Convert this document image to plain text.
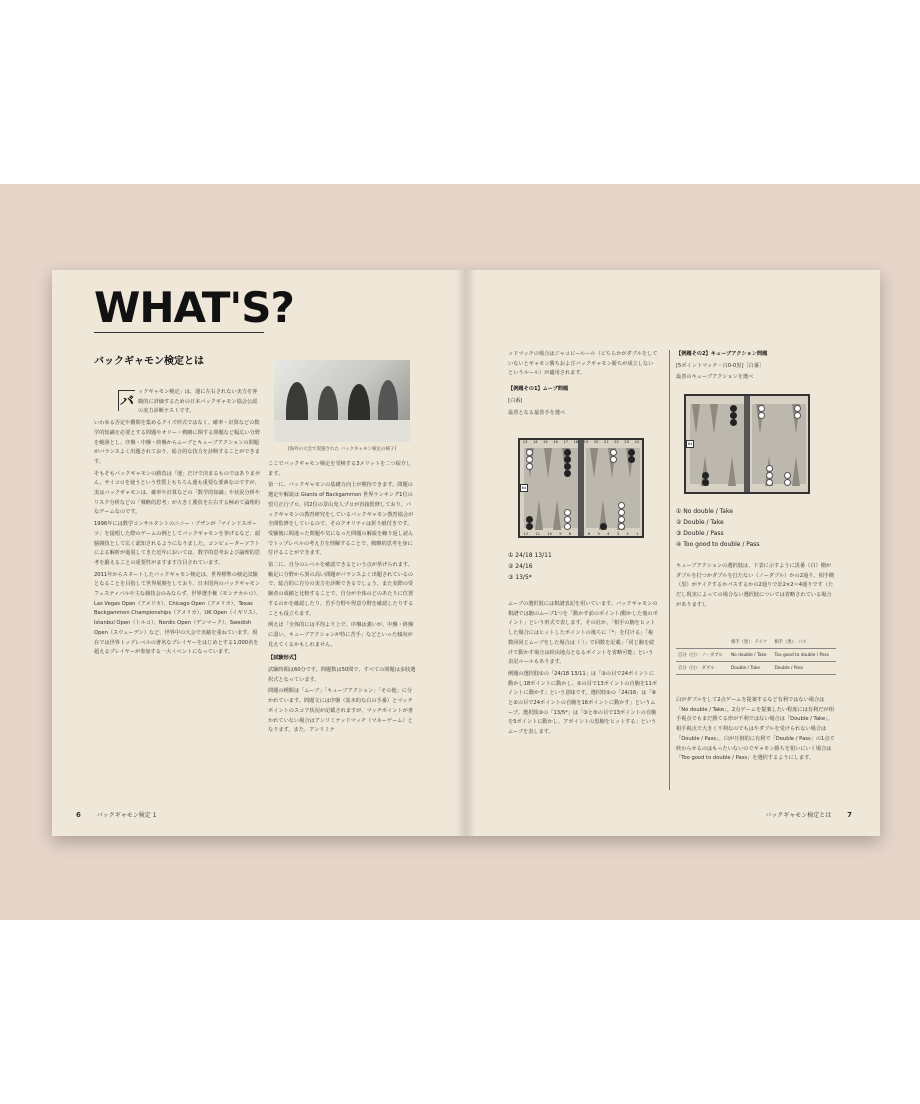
WHAT'S?
バックギャモン検定とは
バ

ックギャモン検定」は、運に左右されない実力を客観的に評価するための日本バックギャモン協会公認の実力診断テストです。

いわゆる否定や難問を集めるクイズ形式ではなく、確率・計算などの数学的知識を必要とする問題やオリー・戦略に関する問題など幅広い分野を範囲とし、序盤・中盤・終盤からムーブとキューブアクションの問題がバランスよく出題されており、総合的な技力を診断することができます。

そもそもバックギャモンの勝負は「運」だけで決まるものではありません。サイコロを使うという性質上もちろん運も重要な要素なのですが、実はバックギャモンは、確率や計算などの「数学的知識」や状況分析やリスク分析などの「戦略的思考」が大きく勝負を左右する極めて論理的なゲームなのです。

1996年には数学コンサルタントのニニー・ブザンが「マインドスポーツ」を提唱した際のゲームの例としてバックギャモンを挙げるなど、頭脳競技として広く認知されるようになりました。コンピューターソフトによる解析が進展してきた近年においては、数学的思考および論理的思考を鍛えることの重要性がますます注目されています。

2011年からスタートしたバックギャモン検定は、世界標準の検定試験となることを目指して世界展開をしており、日本国内のバックギャモンフェスティバルや主な競技会のみならず、世界選手権（モンテカルロ）、Las Vegas Open（アメリカ）、Chicago Open（アメリカ）、Texas Backgammon Championships（アメリカ）、UK Open（イギリス）、Istanbul Open（トルコ）、Nordic Open（デンマーク）、Swedish Open（スウェーデン）など、世界中の大会で実績を重ねています。現在では世界トップレベルの著名なプレイヤーをはじめとする1,000名を超えるプレイヤーが参加する一大イベントになっています。

[海外の大会で実施された バックギャモン検定の様子]

ここでバックギャモン検定を受検する3メリットを二つ紹介します。

第一に、バックギャモンの基礎力向上が期待できます。問題の選定や解説は Giants of Backgammon 世界ランキング1位の望月正行プロ、同2位の景山充人プロが直接監修しており、バックギャモンの教育研究をしているバックギャモン教育協会が全問監修をしているので、そのクオリティは折り紙付きです。受験後に間違った問題や気になった問題の解説を繰り返し読んでトップレベルの考え方を理解することで、戦略的思考を身に付けることができます。

第二に、自分のレベルを確認できるという点が挙げられます。軸足に分野から異の高い問題がバランスよく出題されているので、総合的に自分の実力を診断できるでしょう。また実際の受験者の成績と比較することで、自分が全体のどのあたりに位置するのかを確認したり、苦手分野や得意分野を確認したりすることも役立ちます。

例えば「全体的には平均より上で、序盤は強いが、中盤・終盤に弱い。キューブアクションが特に苦手」などといった傾向が見えてくるかもしれません。

【試験形式】

試験時間は60分です。問題数は50問で、すべての問題は多肢選択式となっています。

問題の種類は「ムーブ」「キューブアクション」「その他」に分かれています。問題文には序盤（基本的な白の手番）とマッチポイントのスコア状況が記載されますが、マッチポイントが書かれていない場合はアンリミテッドマッチ（マネーゲーム）となります。また、アンリミテ

6	バックギャモン検定 1

ッドマッチの場合はジャコビールール（ビちらかがダブルをしていないとギャモン勝ちおよびバックギャモン勝ちが成立しないというルール）が適用されます。

【例題その1】ムーブ問題

[白番]

最善となる最善手を選べ

13 14 15 16 17 18 19 20 21 22 23 24
64
12 11 10 9 8 7 6 5 4 3 2 1
① 24/18 13/11
② 24/16
③ 13/5*

ムーブの選択肢には棋譜表記を用いています。バックギャモンの棋譜では駒のムーブ1つを「動かす前のポイント/動かした後のポイント」という形式で表します。その社か、「相手の駒をヒットした場合にはヒットしたポイントの後ろに「*」を付ける」「複数回同じムーブをした場合は（ ）」で回数を記載」「同じ駒を続けて動かす場合は経由地点となるポイントを省略可能」という表記ルールもあります。

例題の選択肢①の「24/18 13/11」は「③の目で24ポイントに動かし18ポイントに動かし、②の目で13ポイントの自駒を11ポイントに動かす」という意味です。選択肢②の「24/16」は「⑥と②の目で24ポイントの自駒を16ポイントに動かす」というムーブ。選択肢③の「13/5*」は「③と⑤の目で13ポイントの自駒を5ポイントに動かし、アポイントの黒駒をヒットする」というムーブを表します。

【例題その2】キューブアクション問題

[5ポイントマッチ・白0-0黒]［白番］

最善のキューブアクションを選べ

64
① No double / Take
② Double / Take
③ Double / Pass
④ Too good to double / Pass

キューブアクションの選択肢は、下表に示すように黒番（白）側がダブルを打つかダブルを打たない（ノーダブル）かの2通り、相手側（黒）がテイクするかパスするかの2通りで計2×2＝4通りです（ただし現実によっての場合ない選択肢については省略されている場合があります）。

	相手（黒）：テイク	相手（黒）：パス
自分（白）：ノーダブル	No double / Take	Too good to double / Pass
自分（白）：ダブル	Double / Take	Double / Pass

白がダブルをして2点ゲームを提案するなど有利ではない場合は「No double / Take」。2点ゲームを提案したい程度には有利だが相手視点でもまだ勝てる形が不利ではない場合は「Double / Take」。相手視点で大きく不利なのでもはやダブルを受けられない場合は「Double / Pass」。白が圧倒的に有利で「Double / Pass」の1点で終わらせるのはもったいないのでギャモン勝ちを狙いにいく場合は「Too good to double / Pass」を選択するようにします。

バックギャモン検定とは 7
